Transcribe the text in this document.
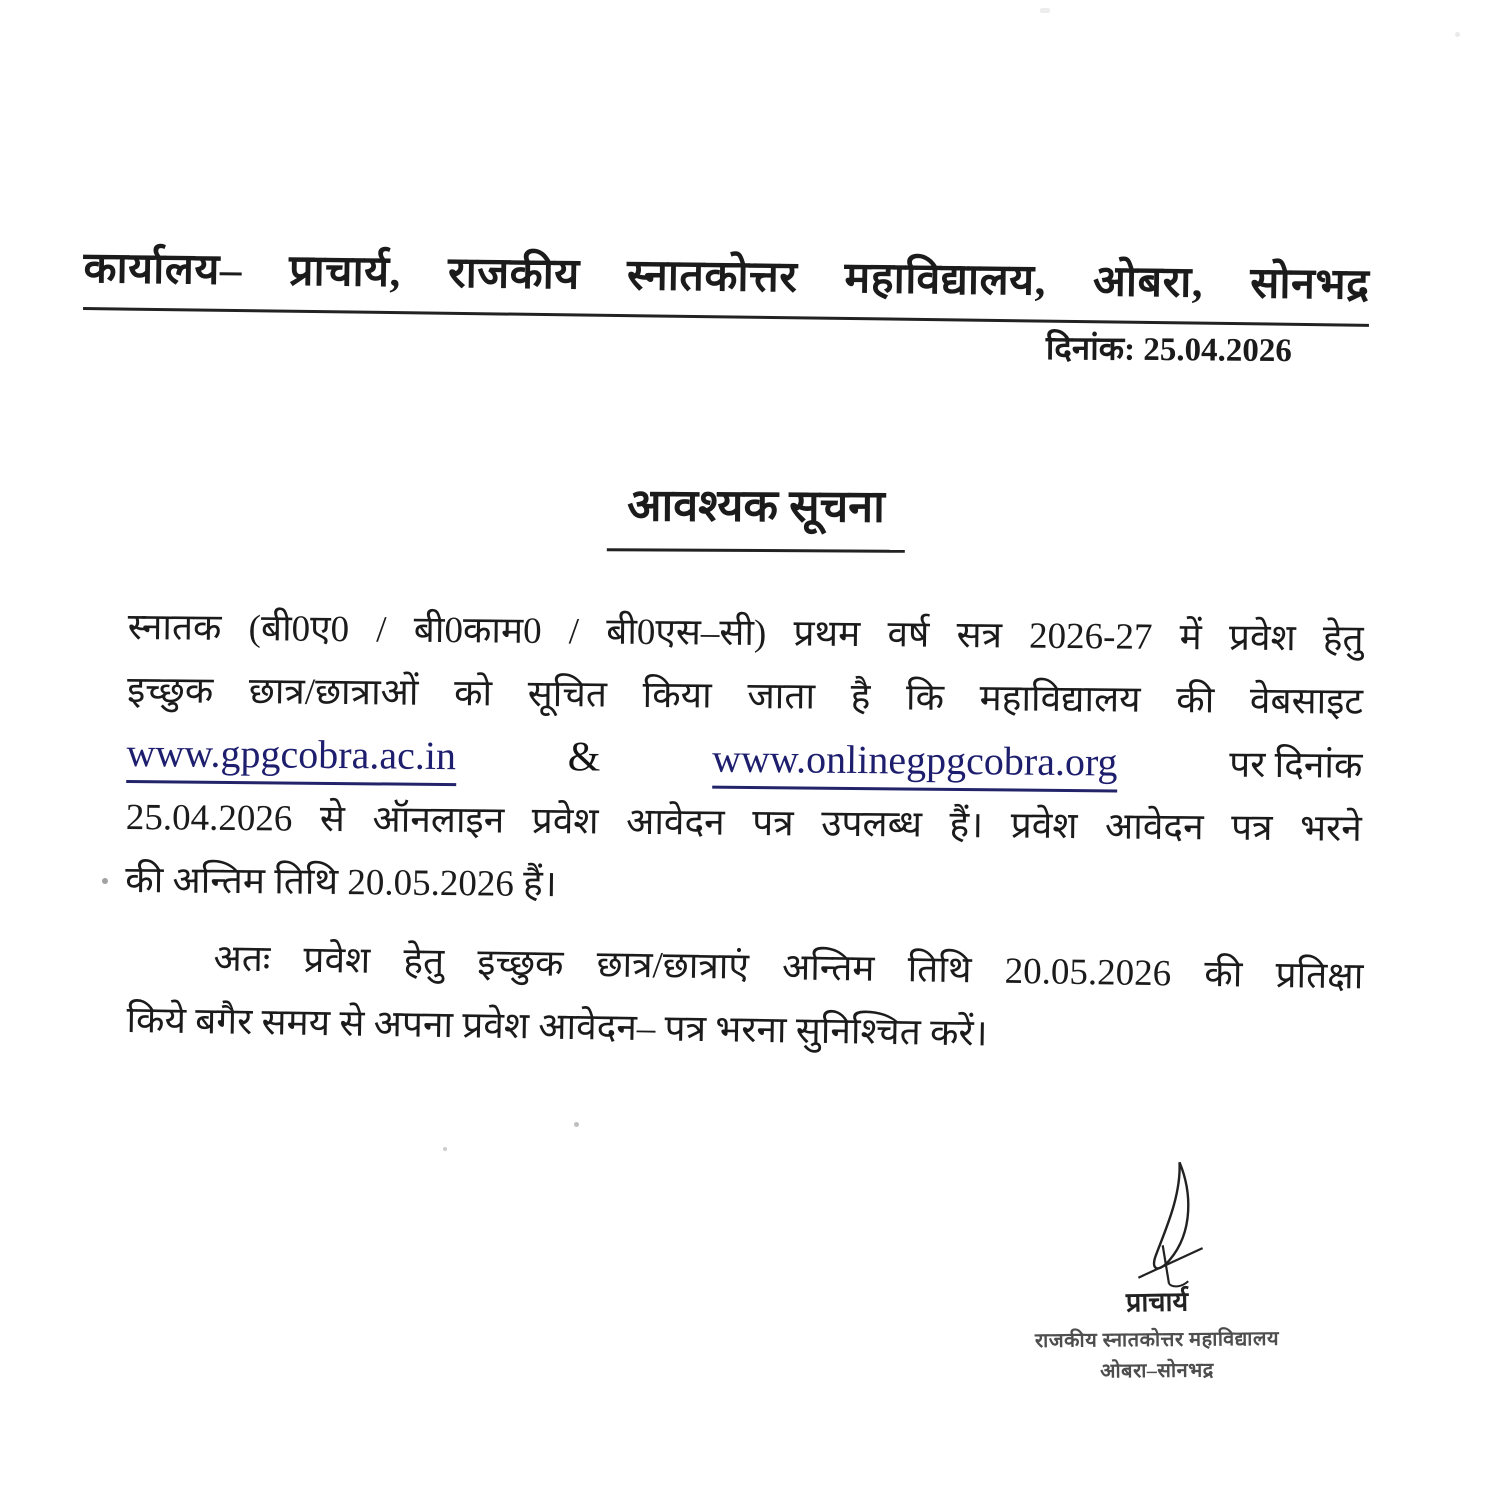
कार्यालय– प्राचार्य, राजकीय स्नातकोत्तर महाविद्यालय, ओबरा, सोनभद्र
दिनांक: 25.04.2026
आवश्यक सूचना
स्नातक (बी0ए0 / बी0काम0 / बी0एस–सी) प्रथम वर्ष सत्र 2026-27 में प्रवेश हेतु
इच्छुक छात्र/छात्राओं को सूचित किया जाता है कि महाविद्यालय की वेबसाइट
www.gpgcobra.ac.in	&	www.onlinegpgcobra.org	पर दिनांक
25.04.2026 से ऑनलाइन प्रवेश आवेदन पत्र उपलब्ध हैं। प्रवेश आवेदन पत्र भरने
की अन्तिम तिथि 20.05.2026 हैं।
अतः प्रवेश हेतु इच्छुक छात्र/छात्राएं अन्तिम तिथि 20.05.2026 की प्रतिक्षा
किये बगैर समय से अपना प्रवेश आवेदन– पत्र भरना सुनिश्चित करें।
प्राचार्य
राजकीय स्नातकोत्तर महाविद्यालय
ओबरा–सोनभद्र
